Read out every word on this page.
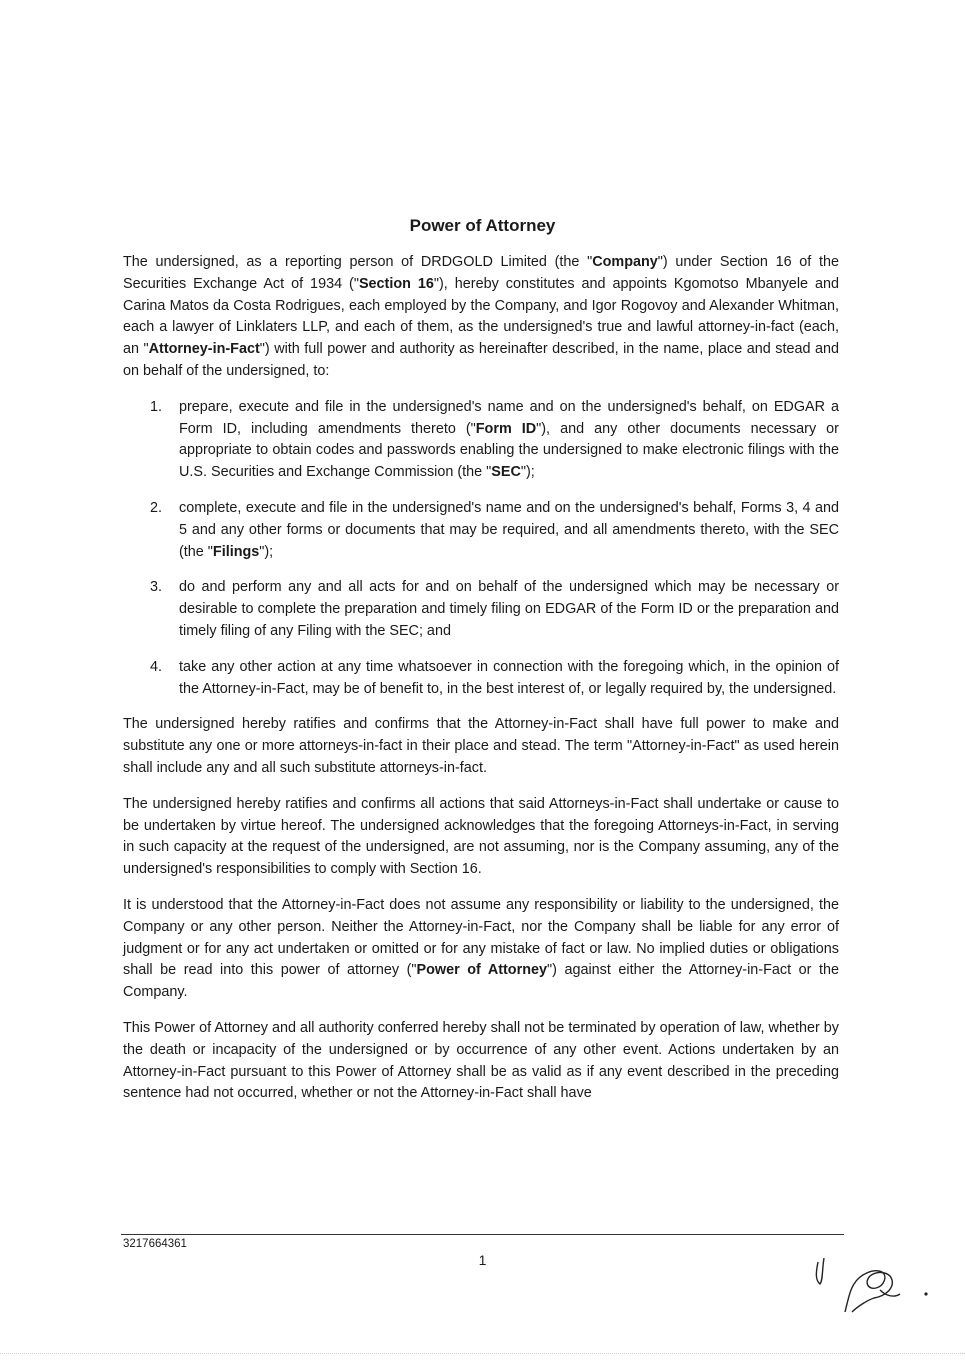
Power of Attorney

The undersigned, as a reporting person of DRDGOLD Limited (the "Company") under Section 16 of the Securities Exchange Act of 1934 ("Section 16"), hereby constitutes and appoints Kgomotso Mbanyele and Carina Matos da Costa Rodrigues, each employed by the Company, and Igor Rogovoy and Alexander Whitman, each a lawyer of Linklaters LLP, and each of them, as the undersigned's true and lawful attorney-in-fact (each, an "Attorney-in-Fact") with full power and authority as hereinafter described, in the name, place and stead and on behalf of the undersigned, to:

1. prepare, execute and file in the undersigned's name and on the undersigned's behalf, on EDGAR a Form ID, including amendments thereto ("Form ID"), and any other documents necessary or appropriate to obtain codes and passwords enabling the undersigned to make electronic filings with the U.S. Securities and Exchange Commission (the "SEC");
2. complete, execute and file in the undersigned's name and on the undersigned's behalf, Forms 3, 4 and 5 and any other forms or documents that may be required, and all amendments thereto, with the SEC (the "Filings");
3. do and perform any and all acts for and on behalf of the undersigned which may be necessary or desirable to complete the preparation and timely filing on EDGAR of the Form ID or the preparation and timely filing of any Filing with the SEC; and
4. take any other action at any time whatsoever in connection with the foregoing which, in the opinion of the Attorney-in-Fact, may be of benefit to, in the best interest of, or legally required by, the undersigned.

The undersigned hereby ratifies and confirms that the Attorney-in-Fact shall have full power to make and substitute any one or more attorneys-in-fact in their place and stead. The term "Attorney-in-Fact" as used herein shall include any and all such substitute attorneys-in-fact.

The undersigned hereby ratifies and confirms all actions that said Attorneys-in-Fact shall undertake or cause to be undertaken by virtue hereof. The undersigned acknowledges that the foregoing Attorneys-in-Fact, in serving in such capacity at the request of the undersigned, are not assuming, nor is the Company assuming, any of the undersigned's responsibilities to comply with Section 16.

It is understood that the Attorney-in-Fact does not assume any responsibility or liability to the undersigned, the Company or any other person. Neither the Attorney-in-Fact, nor the Company shall be liable for any error of judgment or for any act undertaken or omitted or for any mistake of fact or law. No implied duties or obligations shall be read into this power of attorney ("Power of Attorney") against either the Attorney-in-Fact or the Company.

This Power of Attorney and all authority conferred hereby shall not be terminated by operation of law, whether by the death or incapacity of the undersigned or by occurrence of any other event. Actions undertaken by an Attorney-in-Fact pursuant to this Power of Attorney shall be as valid as if any event described in the preceding sentence had not occurred, whether or not the Attorney-in-Fact shall have

3217664361
1
